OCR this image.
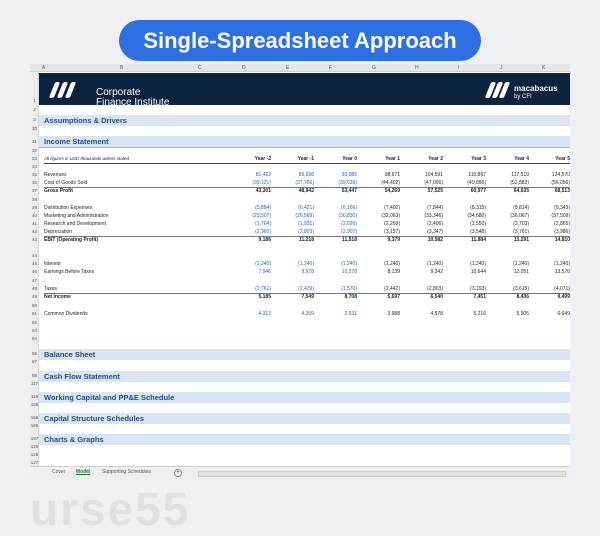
Single-Spreadsheet Approach
A	B	C	D	E	F	G	H	I	J	K
Corporate
Finance Institute
macabacus
by CFI
1
2
3
30
31
32
33
34
38
44
47
50
52
53
54
55
87
88
117
118
155
156
186
187
125
126
127
Assumptions & Drivers
Income Statement
All figures in USD thousands unless stated	Year -2	Year -1	Year 0	Year 1	Year 2	Year 3	Year 4	Year 5
35	Revenues	81,422	86,698	93,086	98,671	104,591	110,867	117,519	124,570
36	Cost of Goods Sold	(39,121)	(37,756)	(39,639)	(44,402)	(47,066)	(49,890)	(52,883)	(56,056)
37	Gross Profit	43,301	48,942	53,447	54,269	57,525	60,977	64,635	68,513
39	Distribution Expenses	(5,884)	(6,421)	(6,166)	(7,400)	(7,844)	(8,315)	(8,814)	(9,343)
40	Marketing and Administration	(23,507)	(26,569)	(30,830)	(32,063)	(33,346)	(34,680)	(36,067)	(37,509)
41	Research and Development	(1,764)	(1,931)	(2,026)	(2,269)	(2,406)	(2,550)	(2,703)	(2,865)
42	Depreciation	(2,960)	(2,803)	(2,907)	(3,157)	(3,347)	(3,548)	(3,761)	(3,986)
43	EBIT (Operating Profit)	9,186	11,218	11,518	9,379	10,582	11,884	13,291	14,810
45	Interest	(1,240)	(1,240)	(1,240)	(1,240)	(1,240)	(1,240)	(1,240)	(1,240)
46	Earnings Before Taxes	7,946	9,978	10,278	8,139	9,342	10,644	12,051	13,570
48	Taxes	(2,761)	(2,429)	(1,570)	(2,442)	(2,803)	(3,193)	(3,615)	(4,071)
49	Net Income	5,185	7,549	8,708	5,697	6,540	7,451	8,436	9,499
51	Common Dividends	4,312	4,209	2,931	3,988	4,578	5,216	5,905	6,649
Balance Sheet
Cash Flow Statement
Working Capital and PP&E Schedule
Capital Structure Schedules
Charts & Graphs
Cover Model Supporting Schedules	+
urse55
